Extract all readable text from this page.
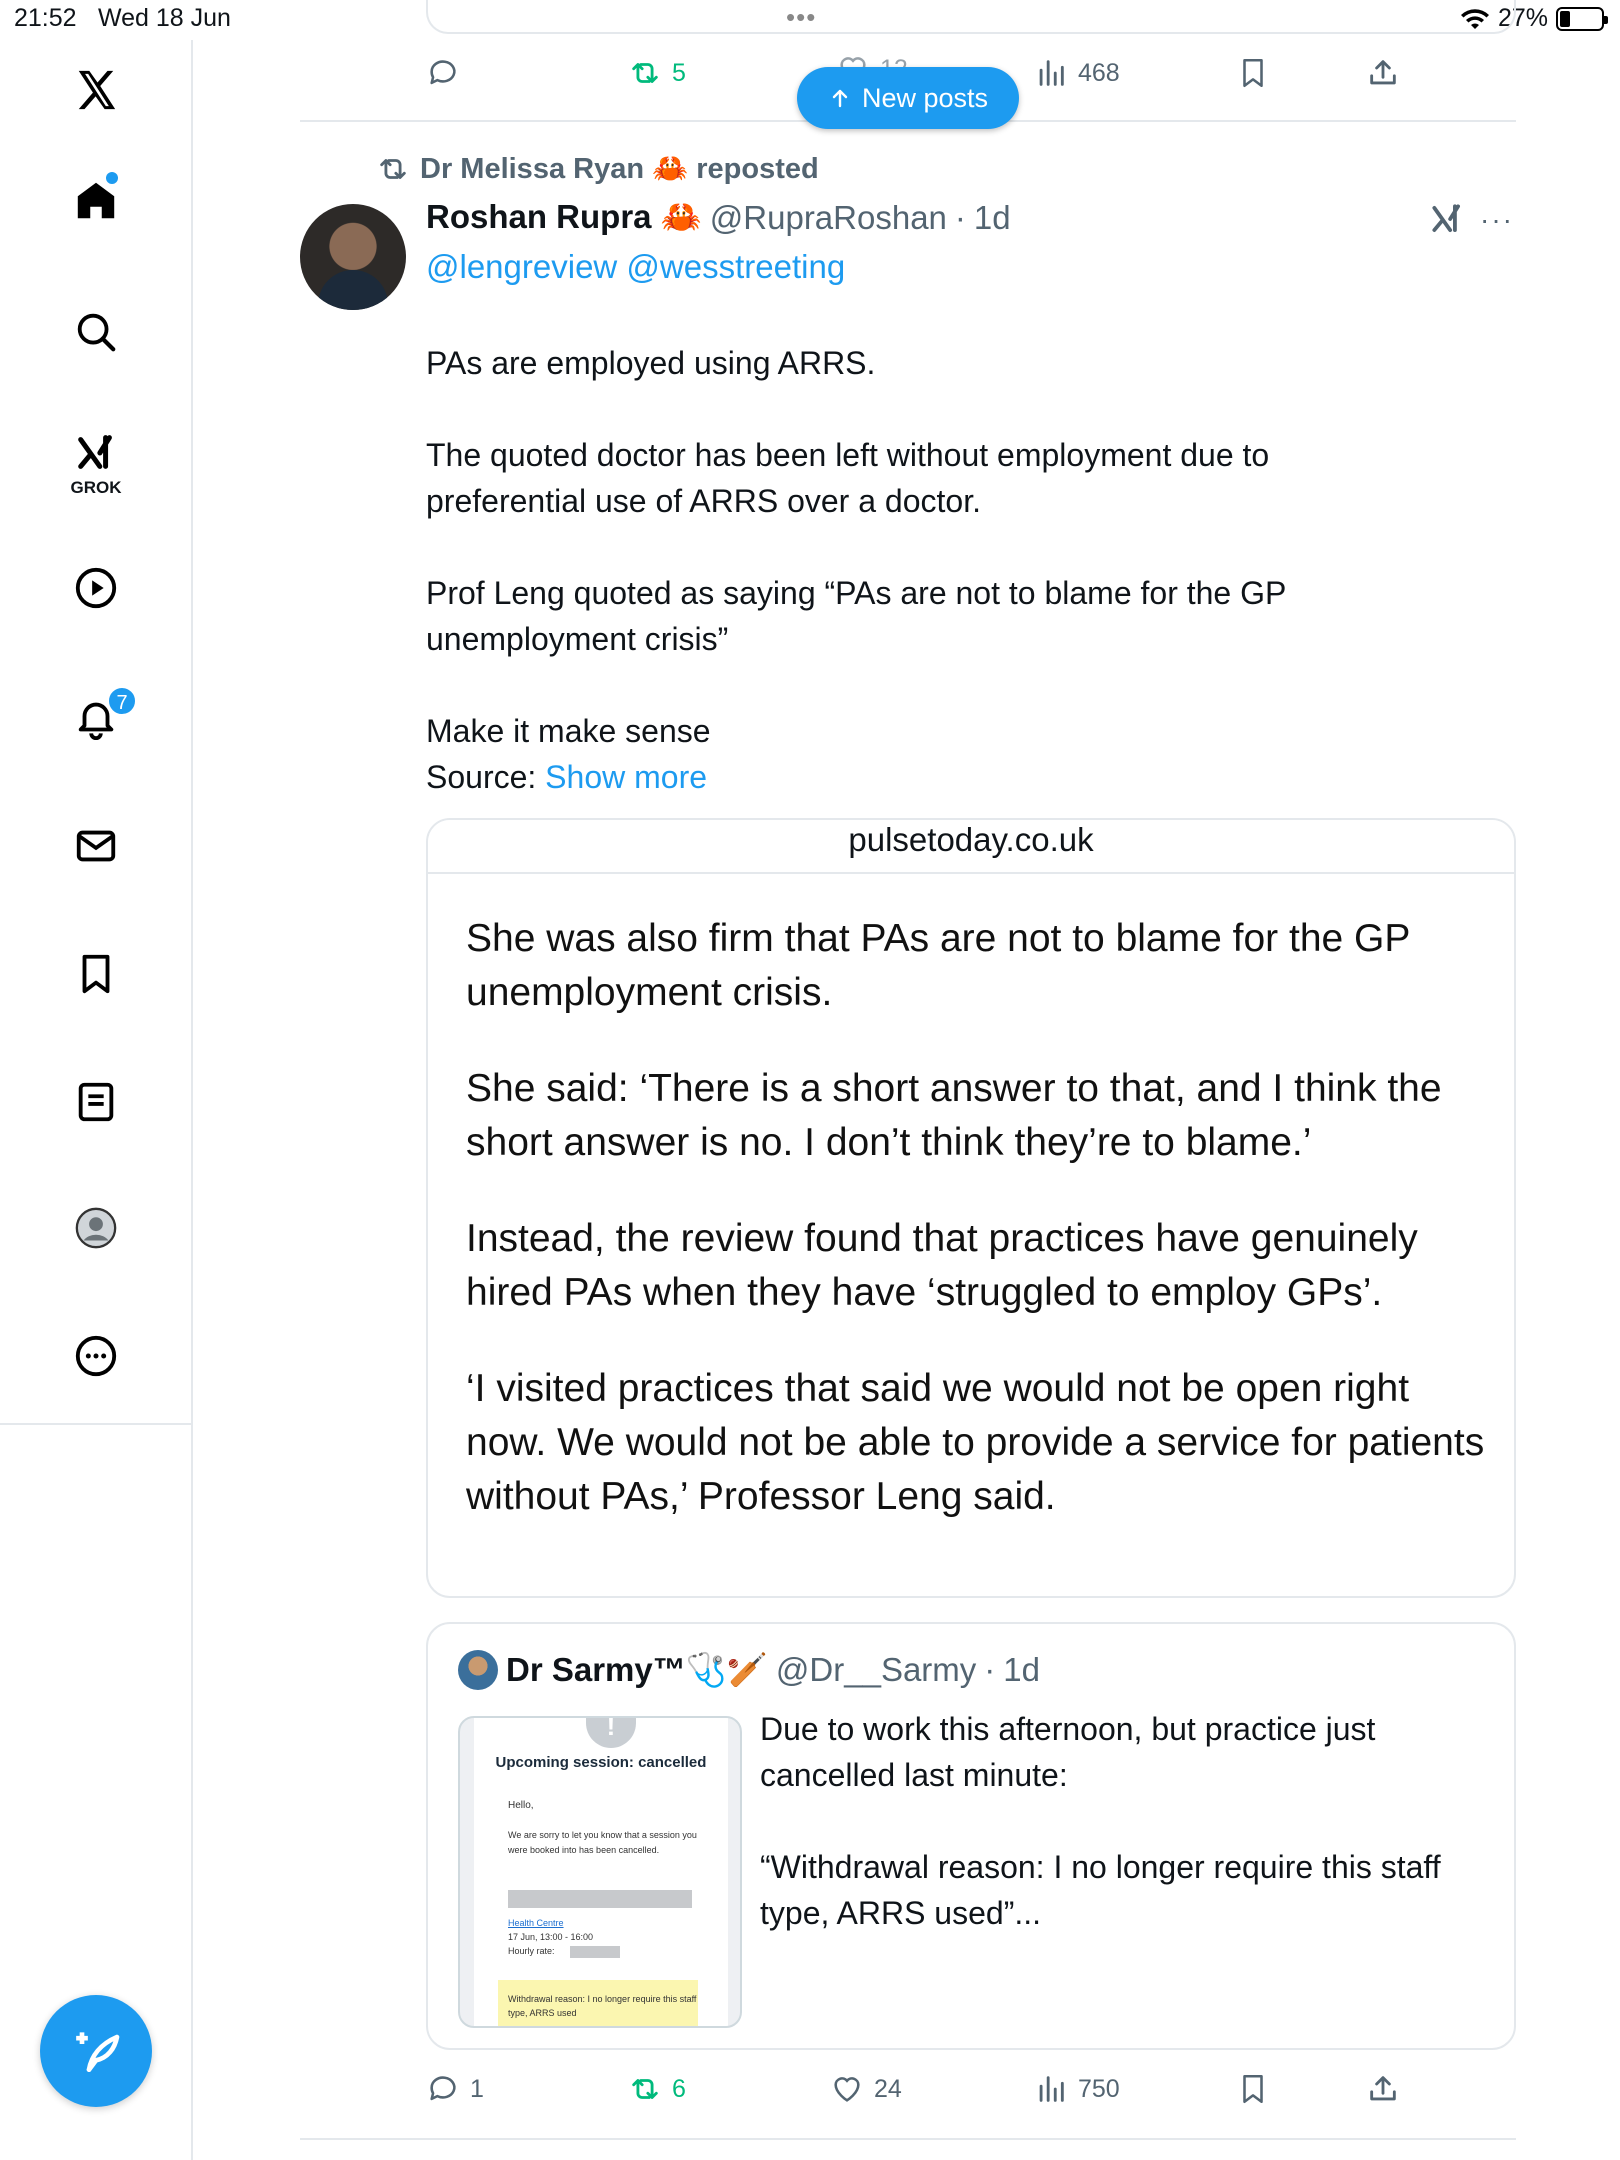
21:52 Wed 18 Jun	•••	27%
GROK
7
5	468
New posts
Dr Melissa Ryan 🦀 reposted
Roshan Rupra 🦀 @RupraRoshan · 1d	···
@lengreview @wesstreeting

PAs are employed using ARRS.

The quoted doctor has been left without employment due to preferential use of ARRS over a doctor.

Prof Leng quoted as saying “PAs are not to blame for the GP unemployment crisis”

Make it make sense

Source: Show more

pulsetoday.co.uk

She was also firm that PAs are not to blame for the GP unemployment crisis.

She said: ‘There is a short answer to that, and I think the short answer is no. I don’t think they’re to blame.’

Instead, the review found that practices have genuinely hired PAs when they have ‘struggled to employ GPs’.

‘I visited practices that said we would not be open right now. We would not be able to provide a service for patients without PAs,’ Professor Leng said.

Dr Sarmy™🩺🏏 @Dr__Sarmy · 1d
!
Upcoming session: cancelled
Hello,
We are sorry to let you know that a session you were booked into has been cancelled.
Health Centre
17 Jun, 13:00 - 16:00
Hourly rate:
Withdrawal reason: I no longer require this staff type, ARRS used

Due to work this afternoon, but practice just cancelled last minute:

“Withdrawal reason: I no longer require this staff type, ARRS used”...

1	6	24	750
